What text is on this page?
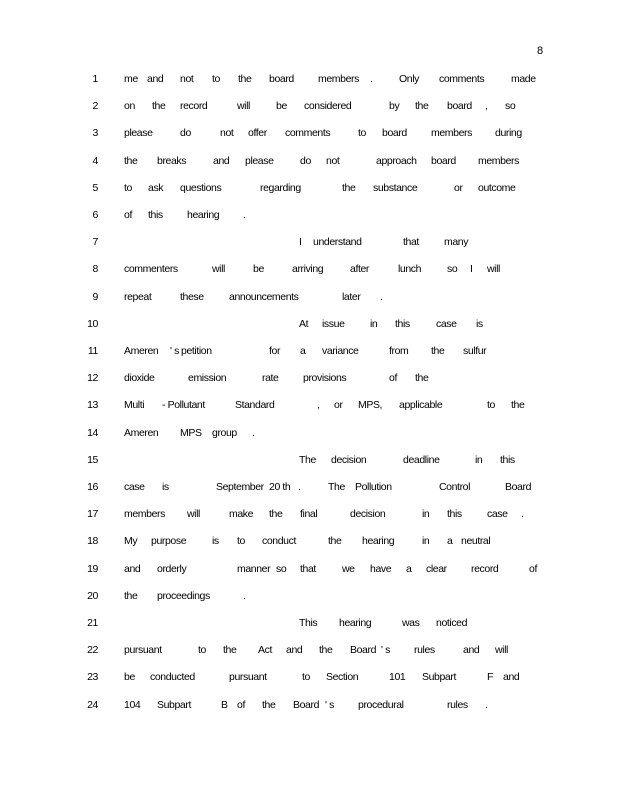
8
1 me and not to the board members .	Only comments	made
2 on the record	will be considered	by the board , so
3 please	do	not offer comments	to board members during
4 the breaks	and please	do not	approach board members
5 to ask questions	regarding	the substance	or outcome
6 of this hearing .
7	I understand	that many
8 commenters	will	be	arriving	after	lunch so I will
9 repeat	these announcements	later .
10	At issue in this	case is
11 Ameren ' s petition	for a variance	from the sulfur
12 dioxide	emission	rate provisions	of the
13 Multi - Pollutant	Standard	, or MPS, applicable	to the
14 Ameren MPS group .
15	The decision	deadline	in this
16 case is	September 20 th .	The Pollution	Control	Board
17 members will	make the final	decision	in this case .
18 My purpose is to conduct	the hearing	in a neutral
19 and orderly	manner so that we have a clear record	of
20 the proceedings	.
21	This hearing	was noticed
22 pursuant	to the Act and the Board ' s rules	and will
23 be conducted	pursuant	to Section	101 Subpart	F and
24 104 Subpart	B of the Board ' s procedural	rules .
